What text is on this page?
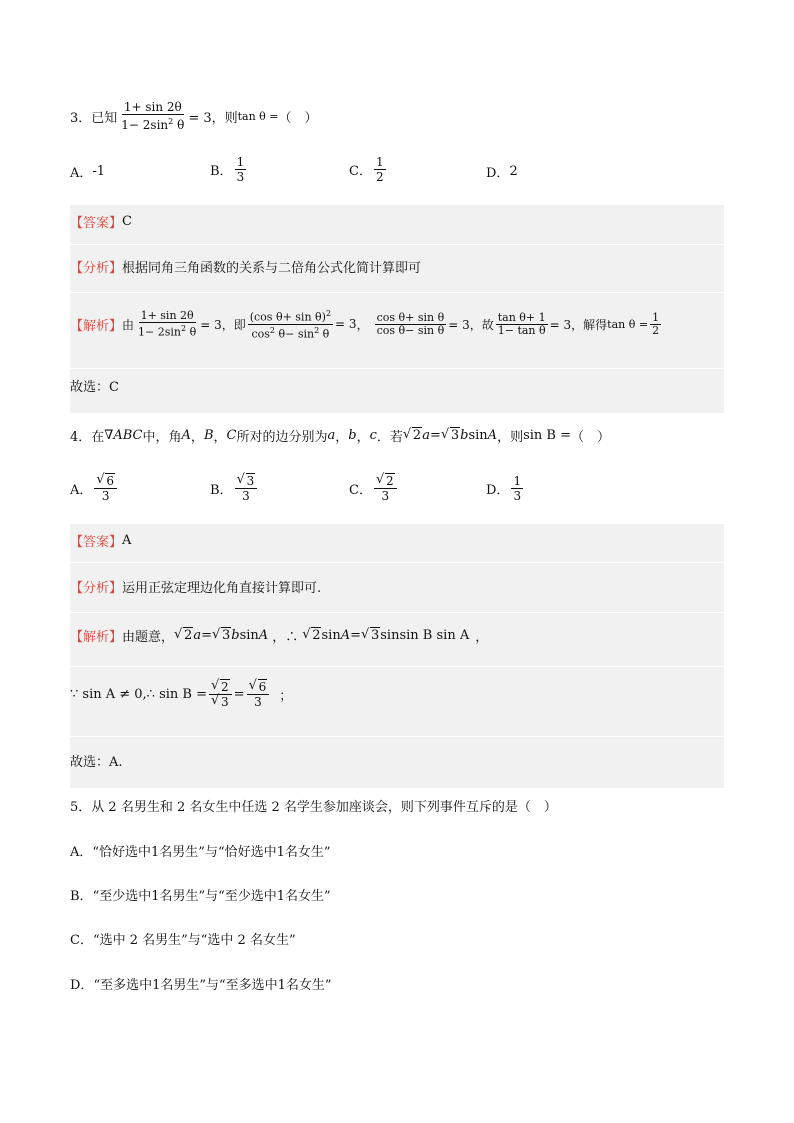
3． 已知 $\frac{1+ \sin 2\theta}{1- 2\sin^2 \theta} = 3$，则 tan θ = （　）
A． -1	B． $\frac{1}{3}$	C． $\frac{1}{2}$	D． 2
【答案】 C
【分析】 根据同角三角函数的关系与二倍角公式化简计算即可
【解析】 由 $\frac{1+ \sin 2\theta}{1- 2\sin^2 \theta} = 3$，即 $\frac{(\cos \theta+ \sin \theta)^2}{\cos^2 \theta- \sin^2 \theta} = 3$ ， $\frac{\text{cos θ+ sin θ}}{\text{cos θ− sin θ}} = 3$，故 $\frac{\text{tan θ+ 1}}{\text{1− tan θ}} = 3$，解得 $\tan \theta = \frac{1}{2}$
故选：C
4． 在 ∇ABC 中，角 A ， B ， C 所对的边分别为 a ， b ， c ．若 √ 2 a = √ 3 b sin A ，则 sin B = （　）
A． √ $\frac{6}{3}$	B． √ $\frac{3}{3}$	C． √ $\frac{2}{3}$	D． $\frac{1}{3}$
【答案】 A
【分析】 运用正弦定理边化角直接计算即可.
【解析】 由题意， √ 2 a = √ 3 b sin A ，∴	√ 2 sin A = √ 3 sin sin B sin A ，
∵ sin A ≠ 0,∴ sin B = √ 2
√ 3 = √ $\frac{6}{3}$ ；
故选：A.
5． 从 2 名男生和 2 名女生中任选 2 名学生参加座谈会，则下列事件互斥的是（　）
A． “恰好选中1名男生”与“恰好选中1名女生”
B． “至少选中1名男生”与“至少选中1名女生”
C． “选中 2 名男生”与“选中 2 名女生”
D． “至多选中1名男生”与“至多选中1名女生”
